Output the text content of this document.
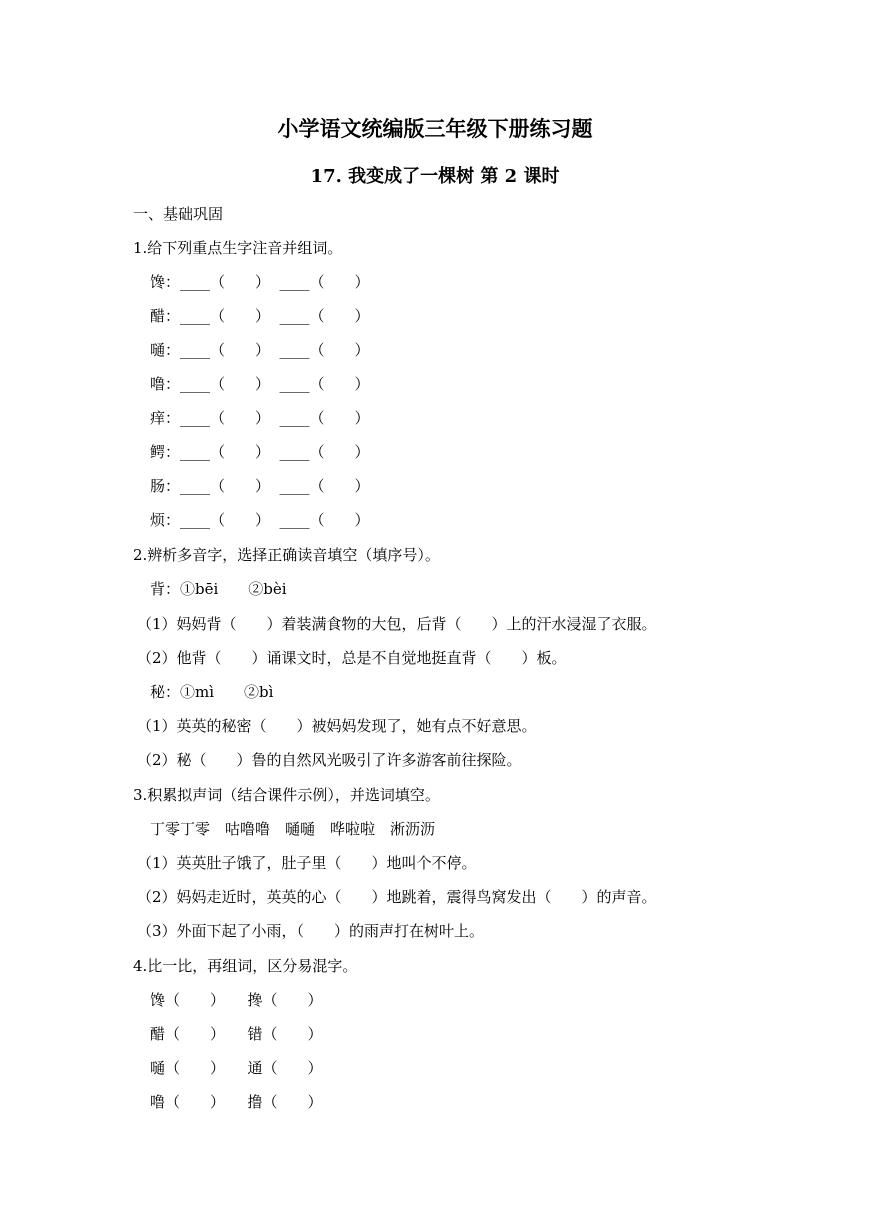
小学语文统编版三年级下册练习题
17. 我变成了一棵树 第 2 课时
一、基础巩固
1.给下列重点生字注音并组词。
馋：____（　　）  ____（　　）
醋：____（　　）  ____（　　）
嗵：____（　　）  ____（　　）
噜：____（　　）  ____（　　）
痒：____（　　）  ____（　　）
鳄：____（　　）  ____（　　）
肠：____（　　）  ____（　　）
烦：____（　　）  ____（　　）
2.辨析多音字，选择正确读音填空（填序号）。
背：①bēi　　②bèi
（1）妈妈背（　　）着装满食物的大包，后背（　　）上的汗水浸湿了衣服。
（2）他背（　　）诵课文时，总是不自觉地挺直背（　　）板。
秘：①mì　　②bì
（1）英英的秘密（　　）被妈妈发现了，她有点不好意思。
（2）秘（　　）鲁的自然风光吸引了许多游客前往探险。
3.积累拟声词（结合课件示例），并选词填空。
丁零丁零　咕噜噜　嗵嗵　哗啦啦　淅沥沥
（1）英英肚子饿了，肚子里（　　）地叫个不停。
（2）妈妈走近时，英英的心（　　）地跳着，震得鸟窝发出（　　）的声音。
（3）外面下起了小雨，（　　）的雨声打在树叶上。
4.比一比，再组词，区分易混字。
馋（　　）　　搀（　　）
醋（　　）　　错（　　）
嗵（　　）　　通（　　）
噜（　　）　　撸（　　）
